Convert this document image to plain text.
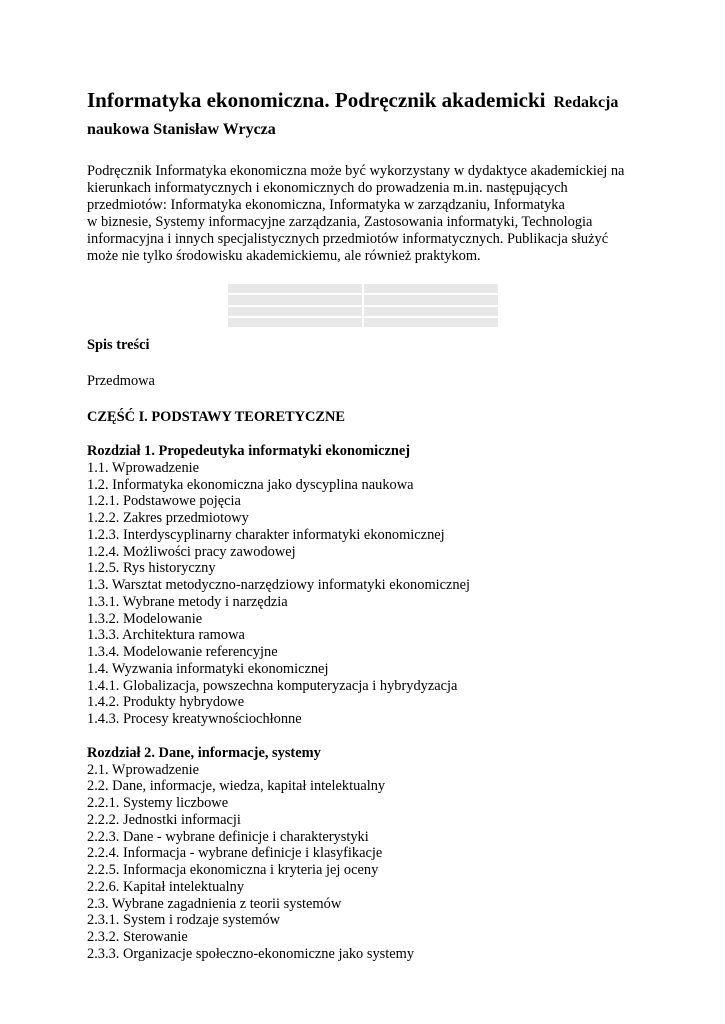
Informatyka ekonomiczna. Podręcznik akademicki Redakcja
naukowa Stanisław Wrycza

Podręcznik Informatyka ekonomiczna może być wykorzystany w dydaktyce akademickiej na
kierunkach informatycznych i ekonomicznych do prowadzenia m.in. następujących
przedmiotów: Informatyka ekonomiczna, Informatyka w zarządzaniu, Informatyka
w biznesie, Systemy informacyjne zarządzania, Zastosowania informatyki, Technologia
informacyjna i innych specjalistycznych przedmiotów informatycznych. Publikacja służyć
może nie tylko środowisku akademickiemu, ale również praktykom.

Spis treści

Przedmowa

CZĘŚĆ I. PODSTAWY TEORETYCZNE

Rozdział 1. Propedeutyka informatyki ekonomicznej
1.1. Wprowadzenie
1.2. Informatyka ekonomiczna jako dyscyplina naukowa
1.2.1. Podstawowe pojęcia
1.2.2. Zakres przedmiotowy
1.2.3. Interdyscyplinarny charakter informatyki ekonomicznej
1.2.4. Możliwości pracy zawodowej
1.2.5. Rys historyczny
1.3. Warsztat metodyczno-narzędziowy informatyki ekonomicznej
1.3.1. Wybrane metody i narzędzia
1.3.2. Modelowanie
1.3.3. Architektura ramowa
1.3.4. Modelowanie referencyjne
1.4. Wyzwania informatyki ekonomicznej
1.4.1. Globalizacja, powszechna komputeryzacja i hybrydyzacja
1.4.2. Produkty hybrydowe
1.4.3. Procesy kreatywnościochłonne
Rozdział 2. Dane, informacje, systemy
2.1. Wprowadzenie
2.2. Dane, informacje, wiedza, kapitał intelektualny
2.2.1. Systemy liczbowe
2.2.2. Jednostki informacji
2.2.3. Dane - wybrane definicje i charakterystyki
2.2.4. Informacja - wybrane definicje i klasyfikacje
2.2.5. Informacja ekonomiczna i kryteria jej oceny
2.2.6. Kapitał intelektualny
2.3. Wybrane zagadnienia z teorii systemów
2.3.1. System i rodzaje systemów
2.3.2. Sterowanie
2.3.3. Organizacje społeczno-ekonomiczne jako systemy
